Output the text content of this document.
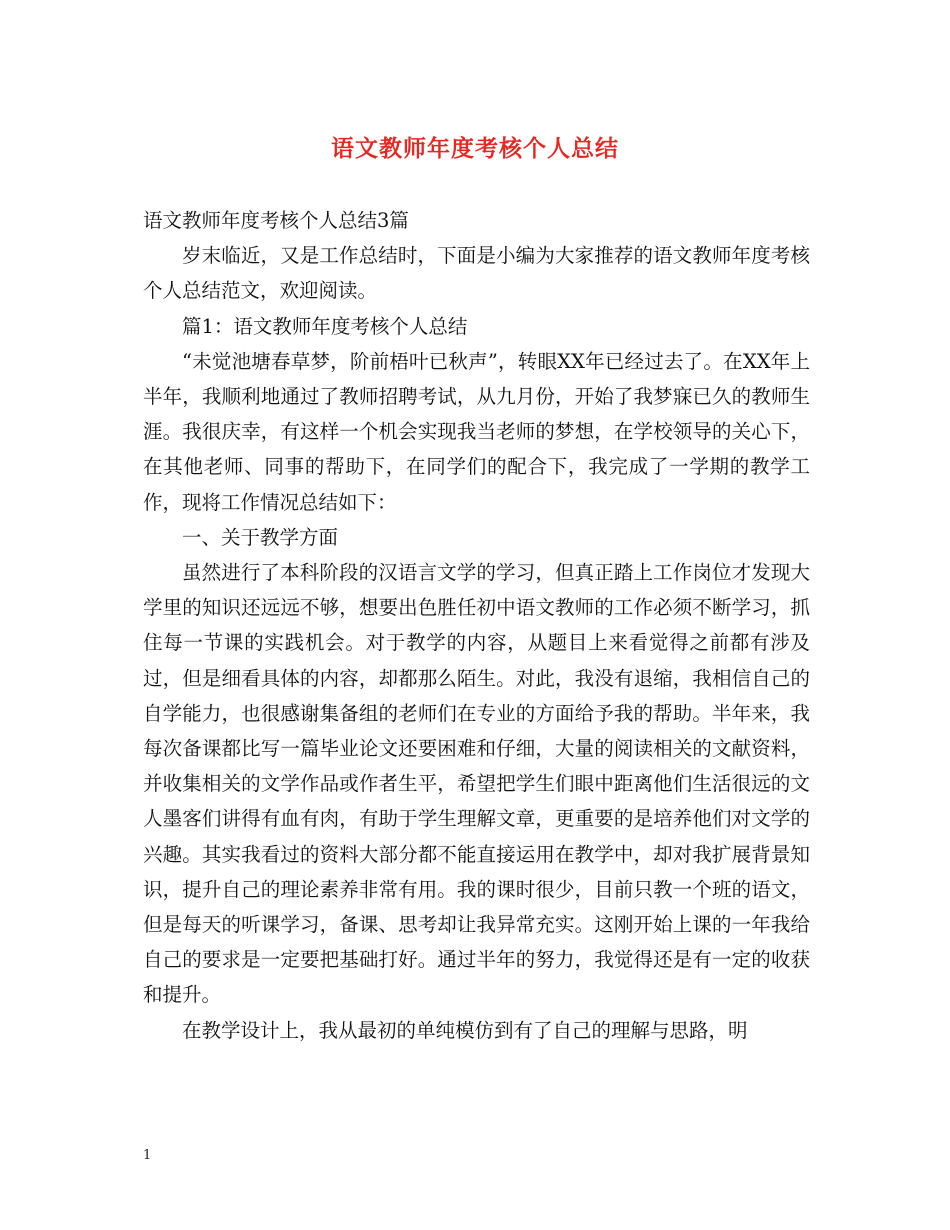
语文教师年度考核个人总结

语文教师年度考核个人总结3篇

岁末临近，又是工作总结时，下面是小编为大家推荐的语文教师年度考核个人总结范文，欢迎阅读。

篇1：语文教师年度考核个人总结

“未觉池塘春草梦，阶前梧叶已秋声”，转眼XX年已经过去了。在XX年上半年，我顺利地通过了教师招聘考试，从九月份，开始了我梦寐已久的教师生涯。我很庆幸，有这样一个机会实现我当老师的梦想，在学校领导的关心下，在其他老师、同事的帮助下，在同学们的配合下，我完成了一学期的教学工作，现将工作情况总结如下：

一、关于教学方面

虽然进行了本科阶段的汉语言文学的学习，但真正踏上工作岗位才发现大学里的知识还远远不够，想要出色胜任初中语文教师的工作必须不断学习，抓住每一节课的实践机会。对于教学的内容，从题目上来看觉得之前都有涉及过，但是细看具体的内容，却都那么陌生。对此，我没有退缩，我相信自己的自学能力，也很感谢集备组的老师们在专业的方面给予我的帮助。半年来，我每次备课都比写一篇毕业论文还要困难和仔细，大量的阅读相关的文献资料，并收集相关的文学作品或作者生平，希望把学生们眼中距离他们生活很远的文人墨客们讲得有血有肉，有助于学生理解文章，更重要的是培养他们对文学的兴趣。其实我看过的资料大部分都不能直接运用在教学中，却对我扩展背景知识，提升自己的理论素养非常有用。我的课时很少，目前只教一个班的语文，但是每天的听课学习，备课、思考却让我异常充实。这刚开始上课的一年我给自己的要求是一定要把基础打好。通过半年的努力，我觉得还是有一定的收获和提升。

在教学设计上，我从最初的单纯模仿到有了自己的理解与思路，明

1
